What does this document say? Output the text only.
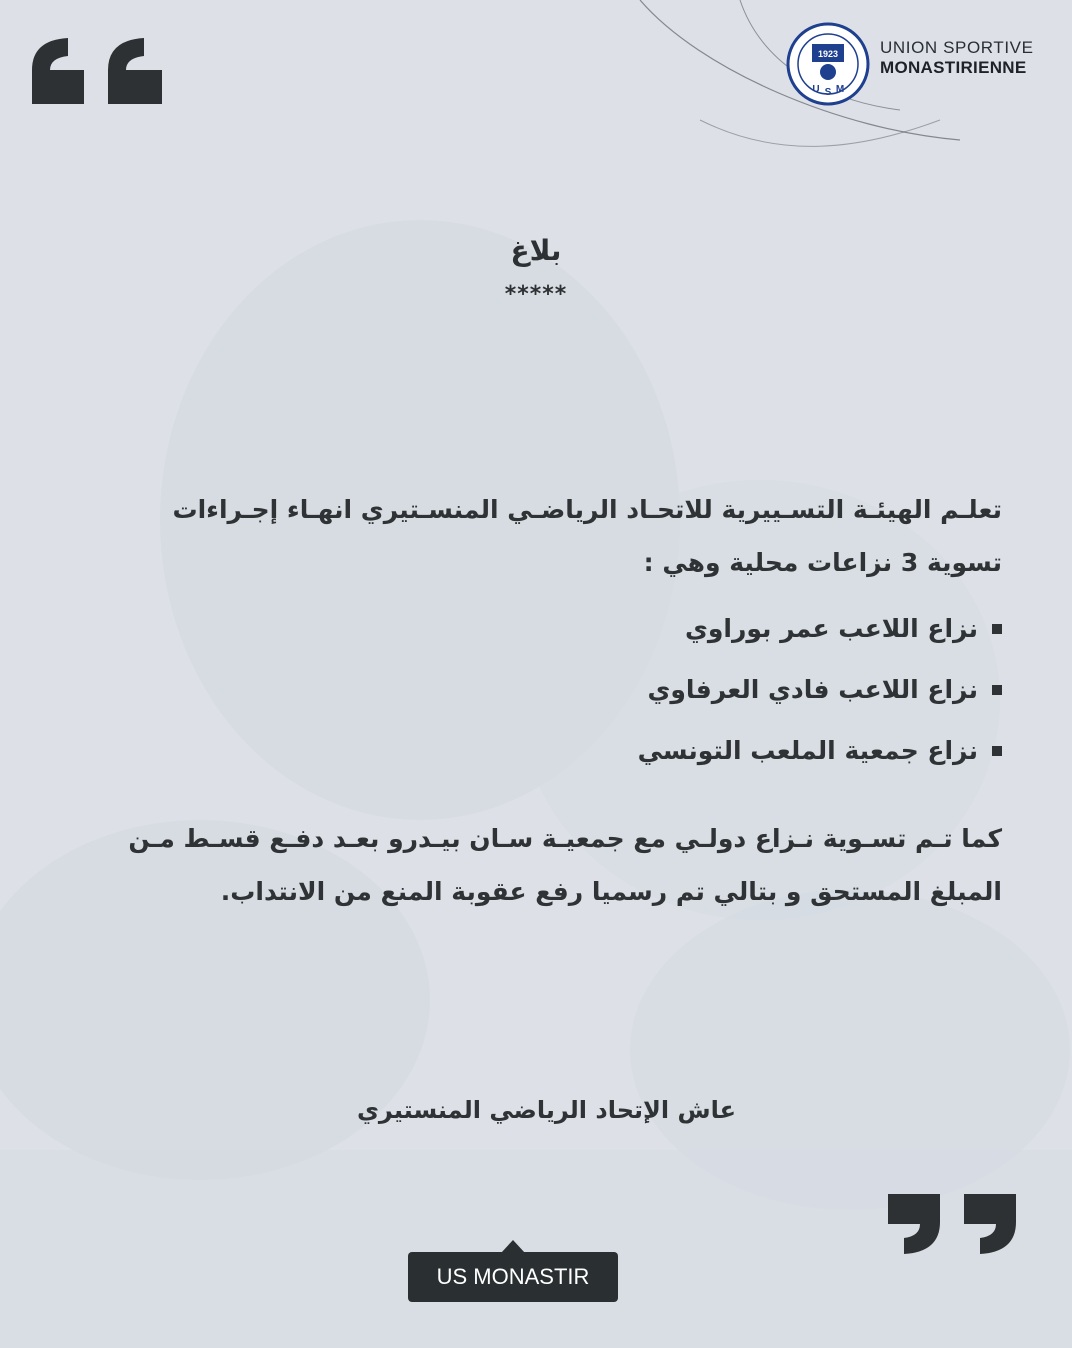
1923
U S M
UNION SPORTIVE
MONASTIRIENNE
بلاغ
*****
تعلـم الهيئـة التسـييرية للاتحـاد الرياضـي المنسـتيري انهـاء إجـراءات
تسوية 3 نزاعات محلية وهي :
نزاع اللاعب عمر بوراوي
نزاع اللاعب فادي العرفاوي
نزاع جمعية الملعب التونسي
كما تـم تسـوية نـزاع دولـي مع جمعيـة سـان بيـدرو بعـد دفـع قسـط مـن
المبلغ المستحق و بتالي تم رسميا رفع عقوبة المنع من الانتداب.
عاش الإتحاد الرياضي المنستيري
US MONASTIR
